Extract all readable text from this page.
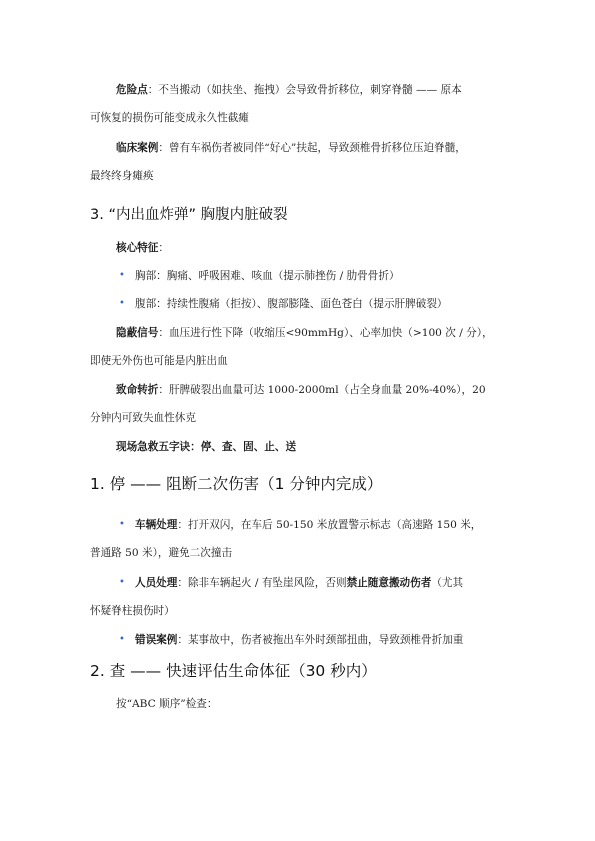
危险点：不当搬动（如扶坐、拖拽）会导致骨折移位，刺穿脊髓 —— 原本
可恢复的损伤可能变成永久性截瘫
临床案例：曾有车祸伤者被同伴“好心”扶起，导致颈椎骨折移位压迫脊髓，
最终终身瘫痪
3. “内出血炸弹” 胸腹内脏破裂
核心特征：
• 胸部：胸痛、呼吸困难、咳血（提示肺挫伤 / 肋骨骨折）
• 腹部：持续性腹痛（拒按）、腹部膨隆、面色苍白（提示肝脾破裂）
隐蔽信号：血压进行性下降（收缩压<90mmHg）、心率加快（>100 次 / 分），
即使无外伤也可能是内脏出血
致命转折：肝脾破裂出血量可达 1000-2000ml（占全身血量 20%-40%），20
分钟内可致失血性休克
现场急救五字诀：停、查、固、止、送
1. 停 —— 阻断二次伤害（1 分钟内完成）
• 车辆处理：打开双闪，在车后 50-150 米放置警示标志（高速路 150 米，
普通路 50 米），避免二次撞击
• 人员处理：除非车辆起火 / 有坠崖风险，否则禁止随意搬动伤者（尤其
怀疑脊柱损伤时）
• 错误案例：某事故中，伤者被拖出车外时颈部扭曲，导致颈椎骨折加重
2. 查 —— 快速评估生命体征（30 秒内）
按“ABC 顺序”检查：
